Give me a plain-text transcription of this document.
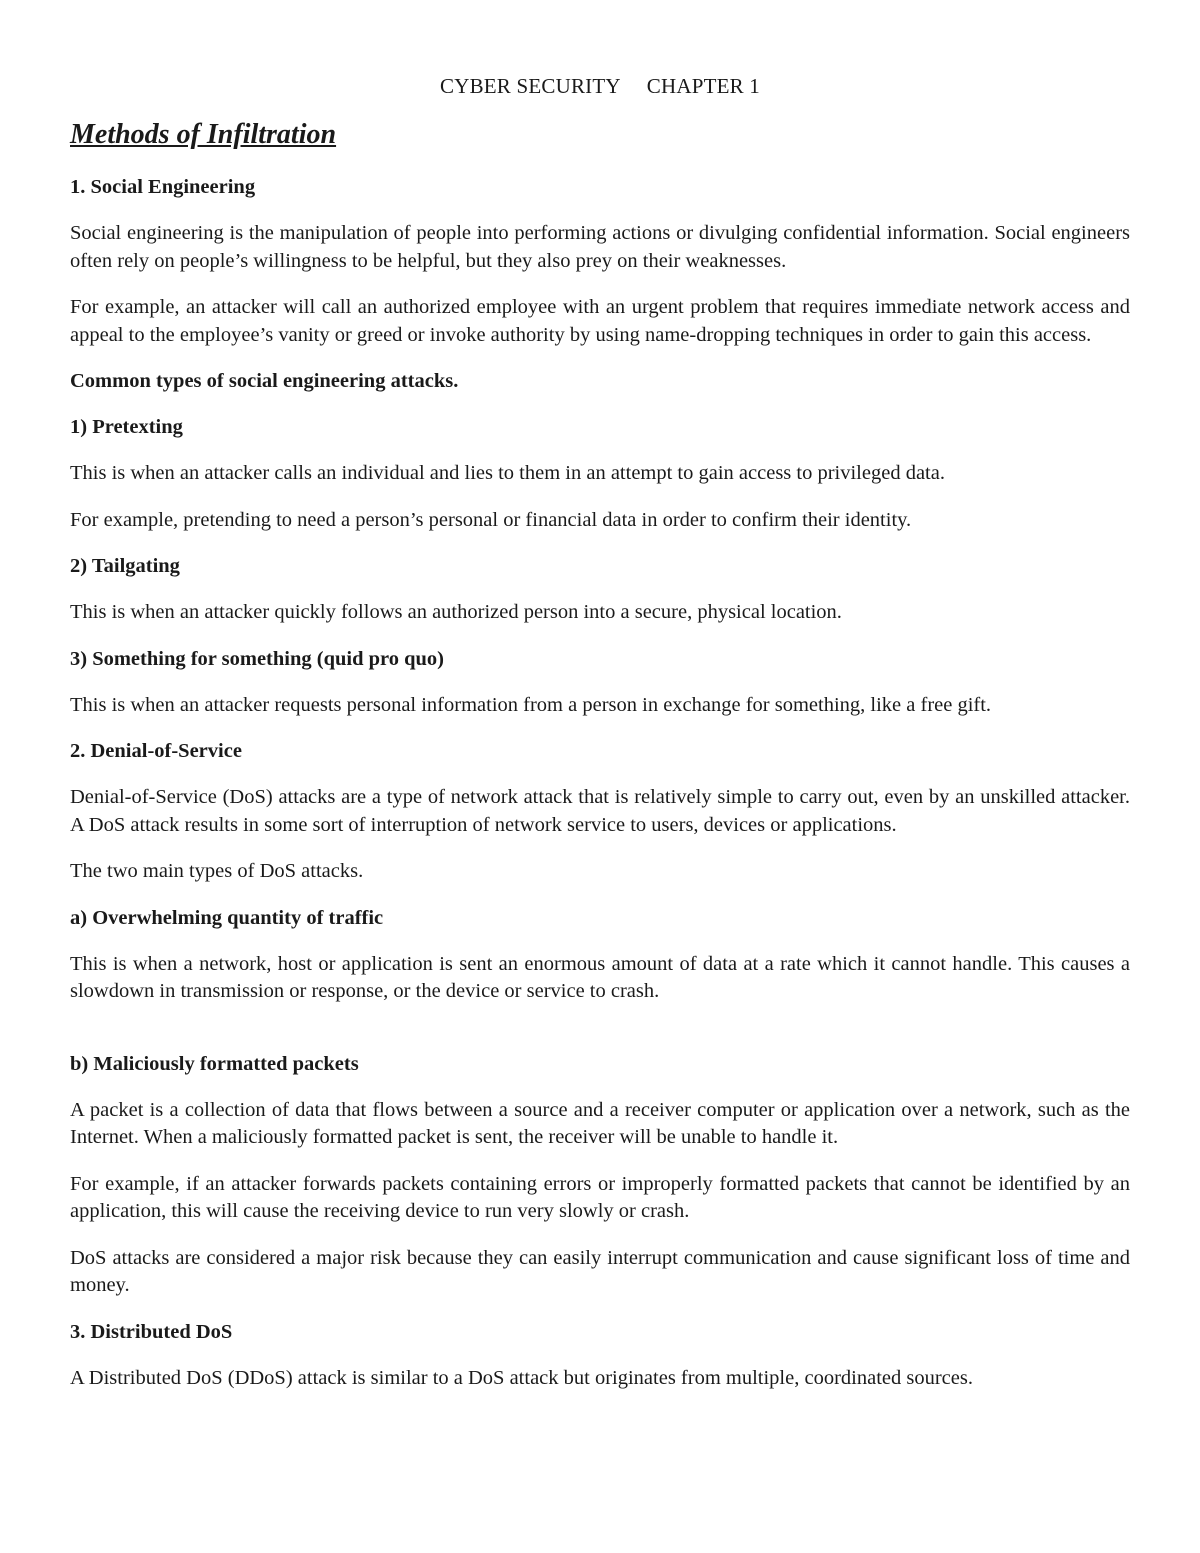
CYBER SECURITY CHAPTER 1
Methods of Infiltration
1. Social Engineering
Social engineering is the manipulation of people into performing actions or divulging confidential information. Social engineers often rely on people’s willingness to be helpful, but they also prey on their weaknesses.
For example, an attacker will call an authorized employee with an urgent problem that requires immediate network access and appeal to the employee’s vanity or greed or invoke authority by using name-dropping techniques in order to gain this access.
Common types of social engineering attacks.
1) Pretexting
This is when an attacker calls an individual and lies to them in an attempt to gain access to privileged data.
For example, pretending to need a person’s personal or financial data in order to confirm their identity.
2) Tailgating
This is when an attacker quickly follows an authorized person into a secure, physical location.
3) Something for something (quid pro quo)
This is when an attacker requests personal information from a person in exchange for something, like a free gift.
2. Denial-of-Service
Denial-of-Service (DoS) attacks are a type of network attack that is relatively simple to carry out, even by an unskilled attacker. A DoS attack results in some sort of interruption of network service to users, devices or applications.
The two main types of DoS attacks.
a) Overwhelming quantity of traffic
This is when a network, host or application is sent an enormous amount of data at a rate which it cannot handle. This causes a slowdown in transmission or response, or the device or service to crash.
b) Maliciously formatted packets
A packet is a collection of data that flows between a source and a receiver computer or application over a network, such as the Internet. When a maliciously formatted packet is sent, the receiver will be unable to handle it.
For example, if an attacker forwards packets containing errors or improperly formatted packets that cannot be identified by an application, this will cause the receiving device to run very slowly or crash.
DoS attacks are considered a major risk because they can easily interrupt communication and cause significant loss of time and money.
3. Distributed DoS
A Distributed DoS (DDoS) attack is similar to a DoS attack but originates from multiple, coordinated sources.
